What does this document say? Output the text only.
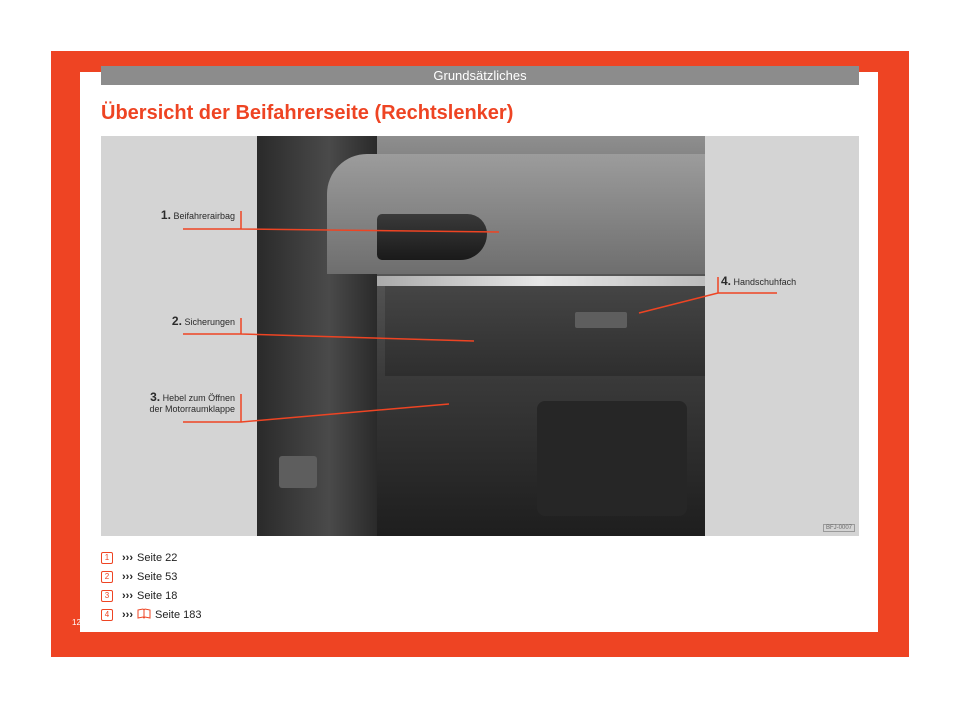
Grundsätzliches
Übersicht der Beifahrerseite (Rechtslenker)
1. Beifahrerairbag
2. Sicherungen
3. Hebel zum Öffnen
der Motorraumklappe
4. Handschuhfach
BFJ-0007
1	››› Seite 22
2	››› Seite 53
3	››› Seite 18
4	››› Seite 183
12
